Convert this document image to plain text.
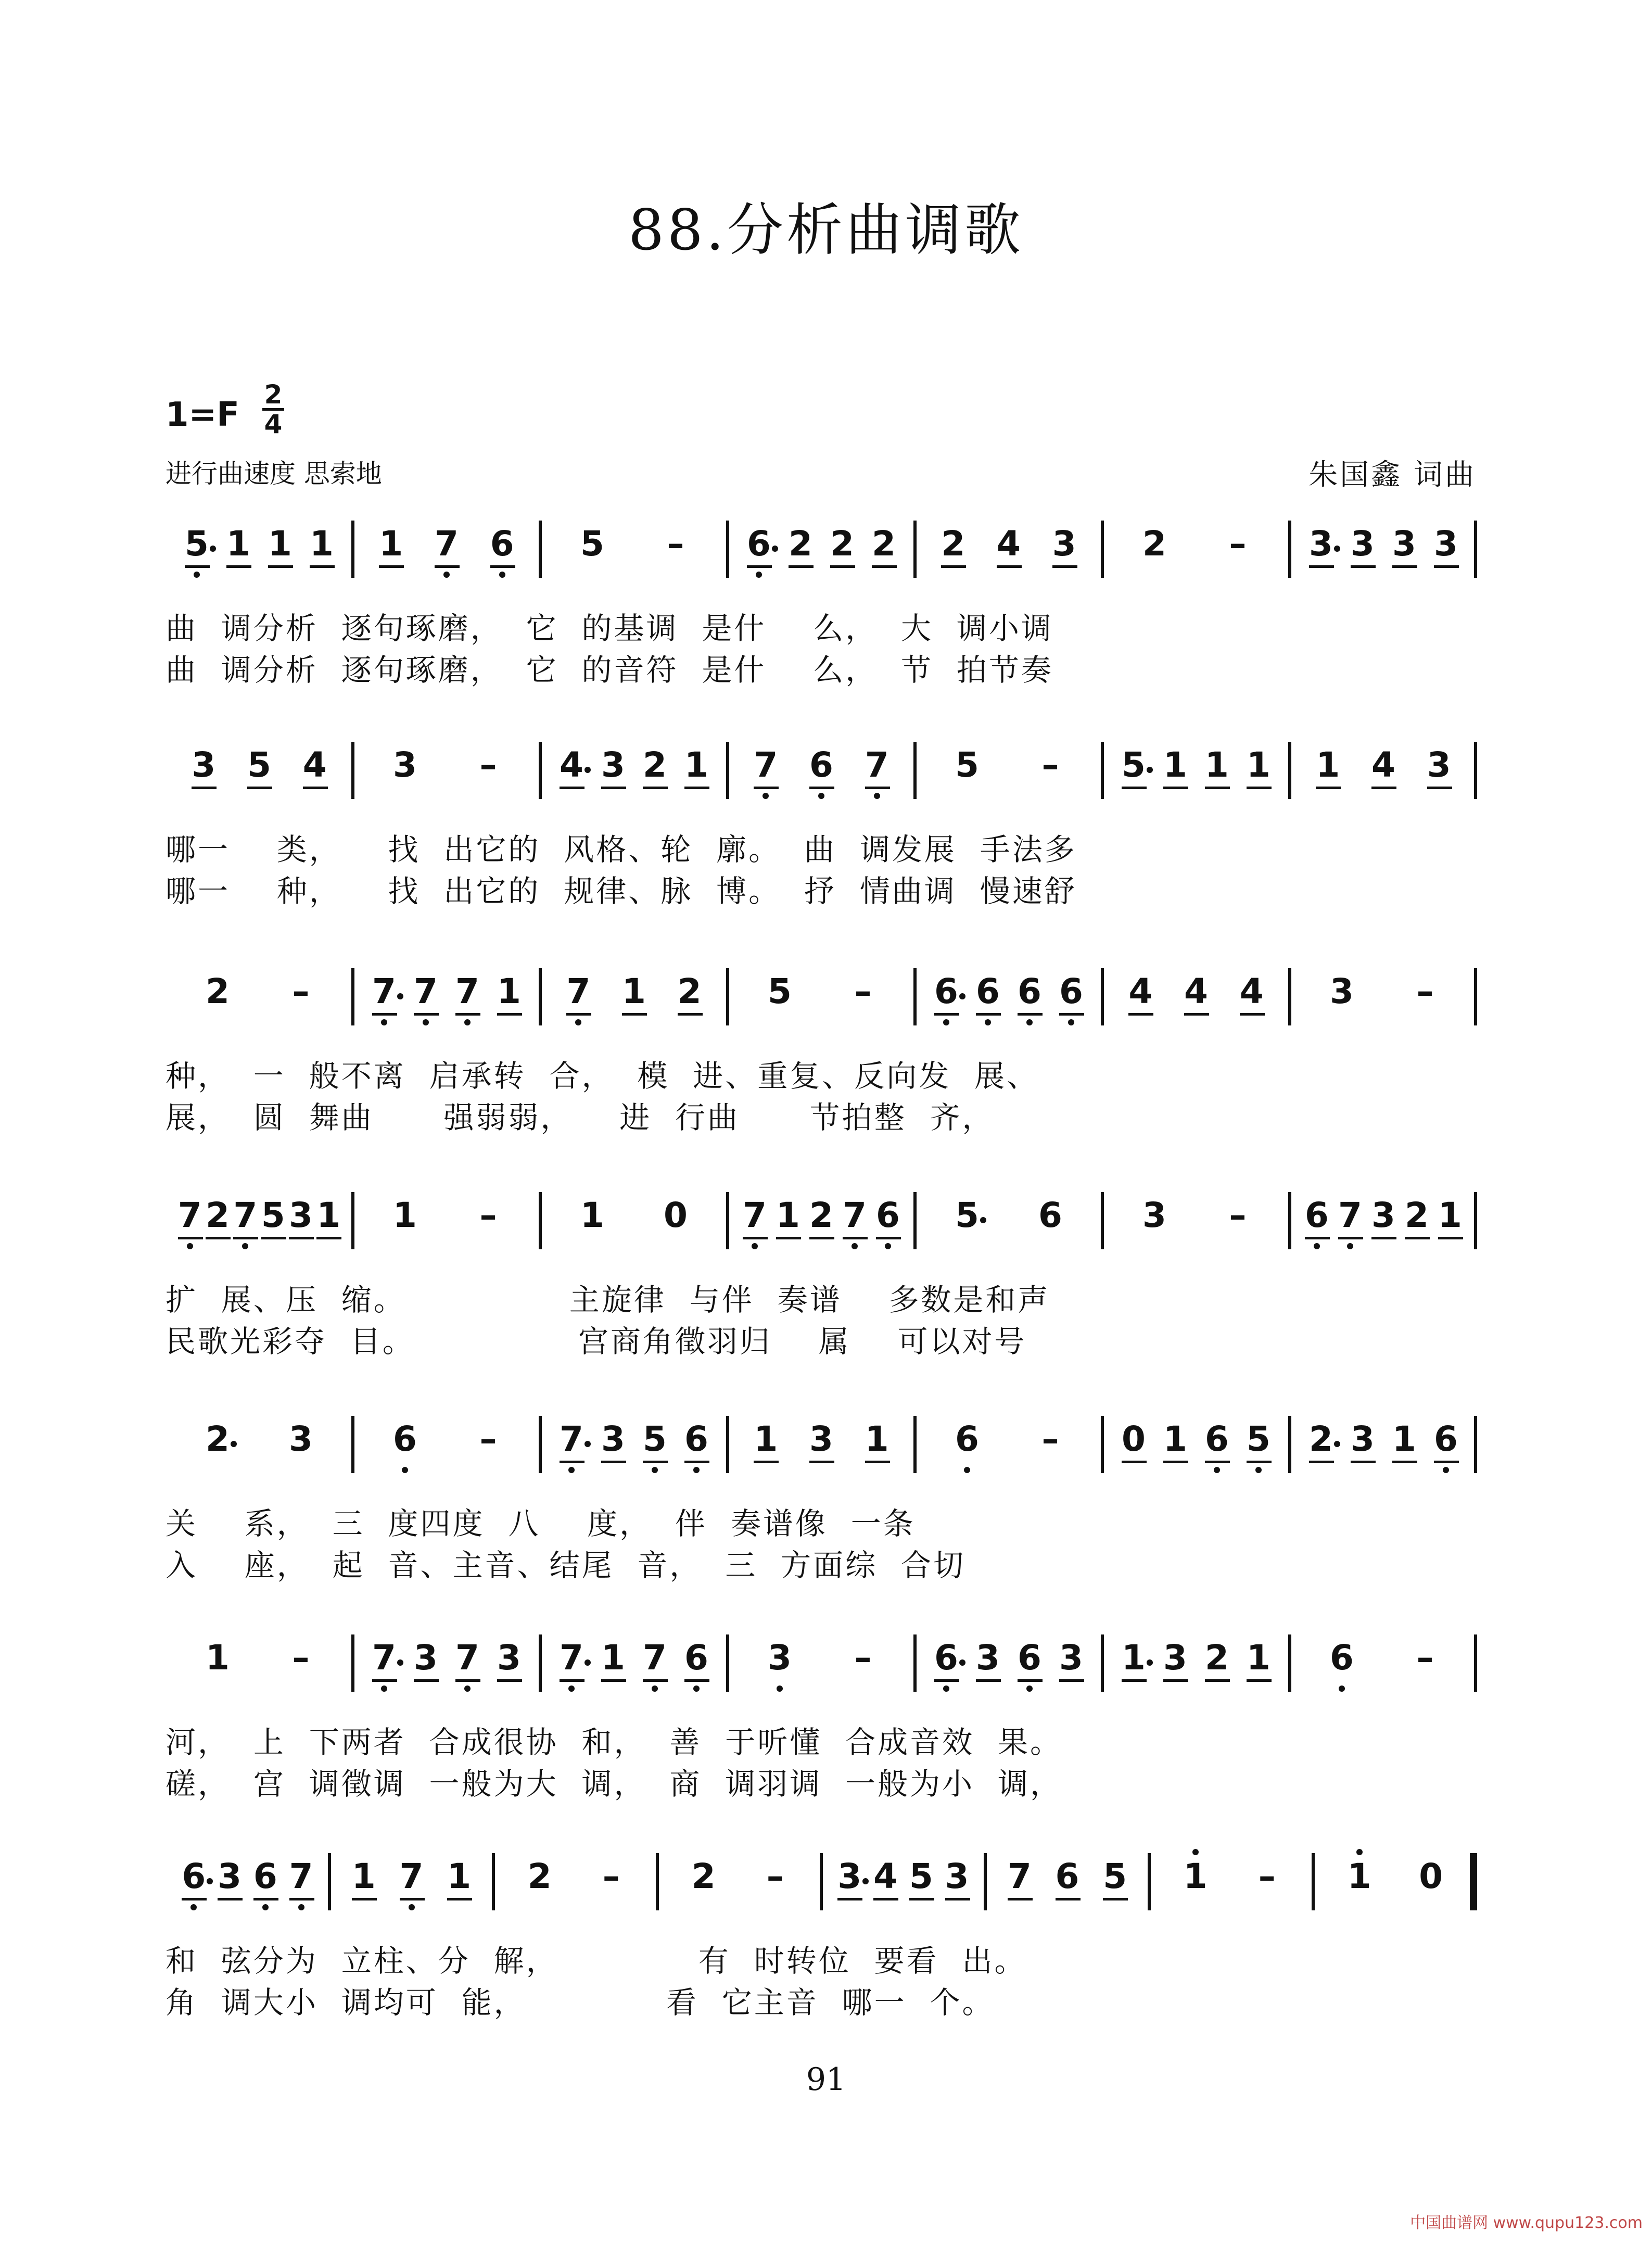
88.分析曲调歌
1=F
2
4
进行曲速度 思索地	朱国鑫 词曲
5 1 1 1 1 7 6 5 – 6 2 2 2 2 4 3 2 – 3 3 3 3
曲  调分析  逐句琢磨，  它  的基调  是什    么，  大  调小调
曲  调分析  逐句琢磨，  它  的音符  是什    么，  节  拍节奏
3 5 4 3 – 4 3 2 1 7 6 7 5 – 5 1 1 1 1 4 3
哪一    类，    找  出它的  风格、轮  廓。  曲  调发展  手法多
哪一    种，    找  出它的  规律、脉  博。  抒  情曲调  慢速舒
2 – 7 7 7 1 7 1 2 5 – 6 6 6 6 4 4 4 3 –
种，  一  般不离  启承转  合，  模  进、重复、反向发  展、
展，  圆  舞曲      强弱弱，    进  行曲      节拍整  齐，
7 2 7 5 3 1 1 – 1 0 7 1 2 7 6 5 6 3 – 6 7 3 2 1
扩  展、压  缩。              主旋律  与伴  奏谱    多数是和声
民歌光彩夺  目。              宫商角徵羽归    属    可以对号
2 3 6 – 7 3 5 6 1 3 1 6 – 0 1 6 5 2 3 1 6
关    系，  三  度四度  八    度，  伴  奏谱像  一条
入    座，  起  音、主音、结尾  音，  三  方面综  合切
1 – 7 3 7 3 7 1 7 6 3 – 6 3 6 3 1 3 2 1 6 –
河，  上  下两者  合成很协  和，  善  于听懂  合成音效  果。
磋，  宫  调徵调  一般为大  调，  商  调羽调  一般为小  调，
6 3 6 7 1 7 1 2 – 2 – 3 4 5 3 7 6 5 1 – 1 0
和  弦分为  立柱、分  解，            有  时转位  要看  出。
角  调大小  调均可  能，            看  它主音  哪一  个。
91
中国曲谱网 www.qupu123.com
